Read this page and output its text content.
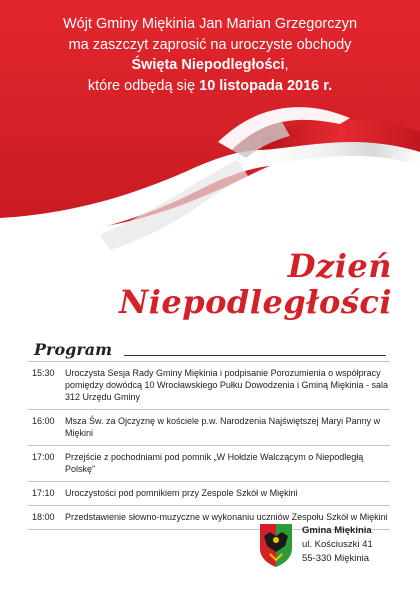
Wójt Gminy Miękinia Jan Marian Grzegorczyn
ma zaszczyt zaprosić na uroczyste obchody
Święta Niepodległości,
które odbędą się 10 listopada 2016 r.
Dzień
Niepodległości
Program
15:30	Uroczysta Sesja Rady Gminy Miękinia i podpisanie Porozumienia o współpracy pomiędzy dowódcą 10 Wrocławskiego Pułku Dowodzenia i Gminą Miękinia - sala 312 Urzędu Gminy
16:00	Msza Św. za Ojczyznę w kościele p.w. Narodzenia Najświętszej Maryi Panny w Miękini
17:00	Przejście z pochodniami pod pomnik „W Hołdzie Walczącym o Niepodległą Polskę”
17:10	Uroczystości pod pomnikiem przy Zespole Szkół w Miękini
18:00	Przedstawienie słowno-muzyczne w wykonaniu uczniów Zespołu Szkół w Miękini
Gmina Miękinia
ul. Kościuszki 41
55-330 Miękinia
